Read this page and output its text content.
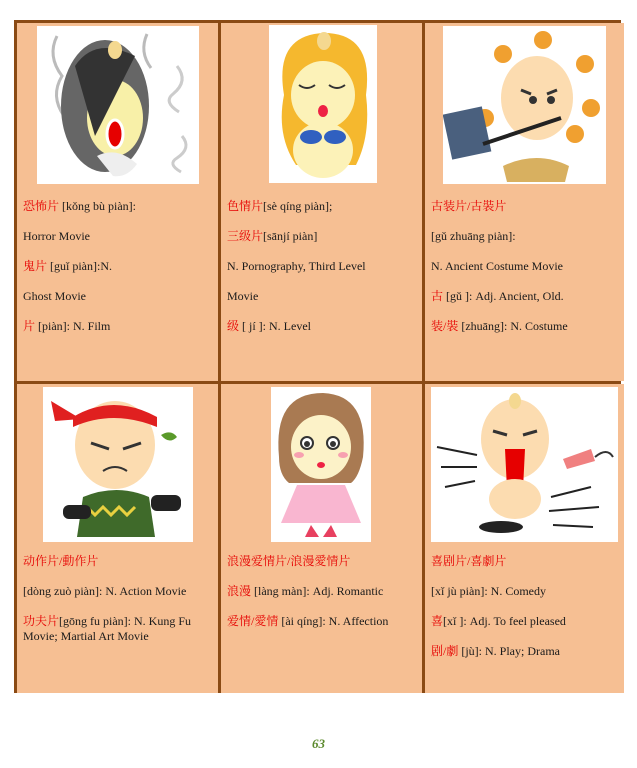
恐怖片 [kǒng bù piàn]:

Horror Movie

鬼片 [guǐ piàn]:N.

Ghost Movie

片 [piàn]: N. Film

色情片[sè qíng piàn];

三级片[sānjí piàn]

N. Pornography, Third Level

Movie

级 [ jí ]: N. Level

古装片/古裝片

[gǔ zhuāng piàn]:

N. Ancient Costume Movie

古 [gǔ ]: Adj. Ancient, Old.

装/裝 [zhuāng]: N. Costume

动作片/動作片

[dòng zuò piàn]: N. Action Movie

功夫片[gōng fu piàn]: N. Kung Fu

Movie; Martial Art Movie

浪漫爱情片/浪漫愛情片

浪漫 [làng màn]: Adj. Romantic

爱情/愛情 [ài qíng]: N. Affection

喜剧片/喜劇片

[xǐ jù piàn]: N. Comedy

喜[xǐ ]: Adj. To feel pleased

剧/劇 [jù]: N. Play; Drama

63
